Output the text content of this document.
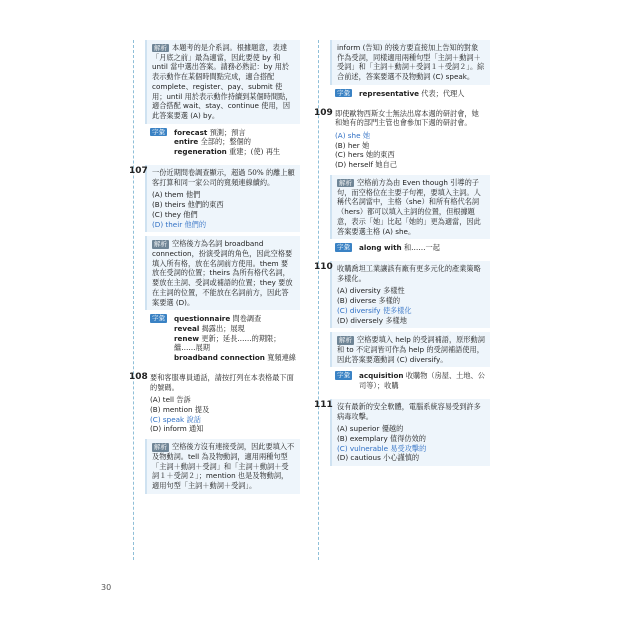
解析 本題考的是介系詞。根據題意，表達「月底之前」最為適當，因此要使 by 和 until 當中選出答案。請務必熟記：by 用於表示動作在某個時間點完成，適合搭配 complete、register、pay、submit 使用；until 用於表示動作持續到某個時間點，適合搭配 wait、stay、continue 使用，因此答案要選 (A) by。
字彙 forecast 預測；預言
entire 全部的；整個的
regeneration 重建；(使) 再生
107 一份近期問卷調查顯示，超過 50% 的離上顧客打算和同一家公司的寬頻連線續約。
(A) them 他們
(B) theirs 他們的東西
(C) they 他們
(D) their 他們的
解析 空格後方為名詞 broadband connection，扮演受詞的角色，因此空格要填入所有格，放在名詞前方使用。them 要放在受詞的位置；theirs 為所有格代名詞，要放在主詞、受詞或補語的位置；they 要放在主詞的位置，不能放在名詞前方，因此答案要選 (D)。
字彙 questionnaire 問卷調查
reveal 揭露出；展現
renew 更新；延長……的期限；
繼……展期
broadband connection 寬頻連線
108 要和客服專員通話，請按打列在本表格最下面的號碼。
(A) tell 告訴
(B) mention 提及
(C) speak 說話
(D) inform 通知
解析 空格後方沒有連接受詞，因此要填入不及物動詞。tell 為及物動詞，適用兩種句型「主詞＋動詞＋受詞」和「主詞＋動詞＋受詞１＋受詞２」；mention 也是及物動詞，適用句型「主詞＋動詞＋受詞」。
inform (告知) 的後方要直接加上告知的對象作為受詞，同樣適用兩種句型「主詞＋動詞＋受詞」和「主詞＋動詞＋受詞１＋受詞２」。綜合前述，答案要選不及物動詞 (C) speak。
字彙 representative 代表；代理人
109 即使歐物西斯女士無法出席本週的研討會，她和她有的部門主管也會參加下週的研討會。
(A) she 她
(B) her 她
(C) hers 她的東西
(D) herself 她自己
解析 空格前方為由 Even though 引導的子句，而空格位在主要子句裡，要填入主詞。人稱代名詞當中，主格（she）和所有格代名詞（hers）都可以填入主詞的位置，但根據題意，表示「她」比起「她的」更為適當，因此答案要選主格 (A) she。
字彙 along with 和……一起
110 收購喬坦工業讓該有廠有更多元化的產業策略多樣化。
(A) diversity 多樣性
(B) diverse 多樣的
(C) diversify 使多樣化
(D) diversely 多樣地
解析 空格要填入 help 的受詞補語，原形動詞和 to 不定詞皆可作為 help 的受詞補語使用，因此答案要選動詞 (C) diversify。
字彙 acquisition 收購物（房屋、土地、公司等）；收購
111 沒有最新的安全軟體，電腦系統容易受到許多病毒攻擊。
(A) superior 優越的
(B) exemplary 值得仿效的
(C) vulnerable 易受攻擊的
(D) cautious 小心謹慎的
30
